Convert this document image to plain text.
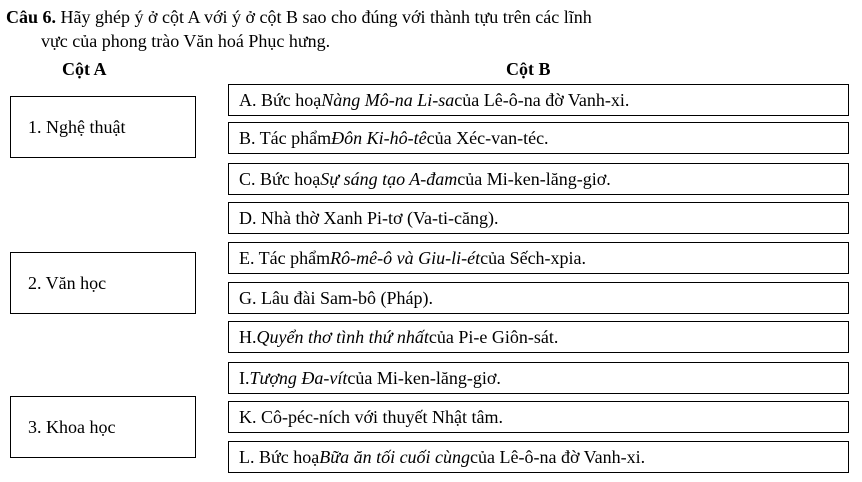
Câu 6. Hãy ghép ý ở cột A với ý ở cột B sao cho đúng với thành tựu trên các lĩnh
vực của phong trào Văn hoá Phục hưng.
Cột A	Cột B
1. Nghệ thuật
2. Văn học
3. Khoa học
A. Bức hoạ Nàng Mô-na Li-sa của Lê-ô-na đờ Vanh-xi.
B. Tác phẩm Đôn Ki-hô-tê của Xéc-van-téc.
C. Bức hoạ Sự sáng tạo A-đam của Mi-ken-lăng-giơ.
D. Nhà thờ Xanh Pi-tơ (Va-ti-căng).
E. Tác phẩm Rô-mê-ô và Giu-li-ét của Sếch-xpia.
G. Lâu đài Sam-bô (Pháp).
H. Quyển thơ tình thứ nhất của Pi-e Giôn-sát.
I. Tượng Đa-vít của Mi-ken-lăng-giơ.
K. Cô-péc-ních với thuyết Nhật tâm.
L. Bức hoạ Bữa ăn tối cuối cùng của Lê-ô-na đờ Vanh-xi.
